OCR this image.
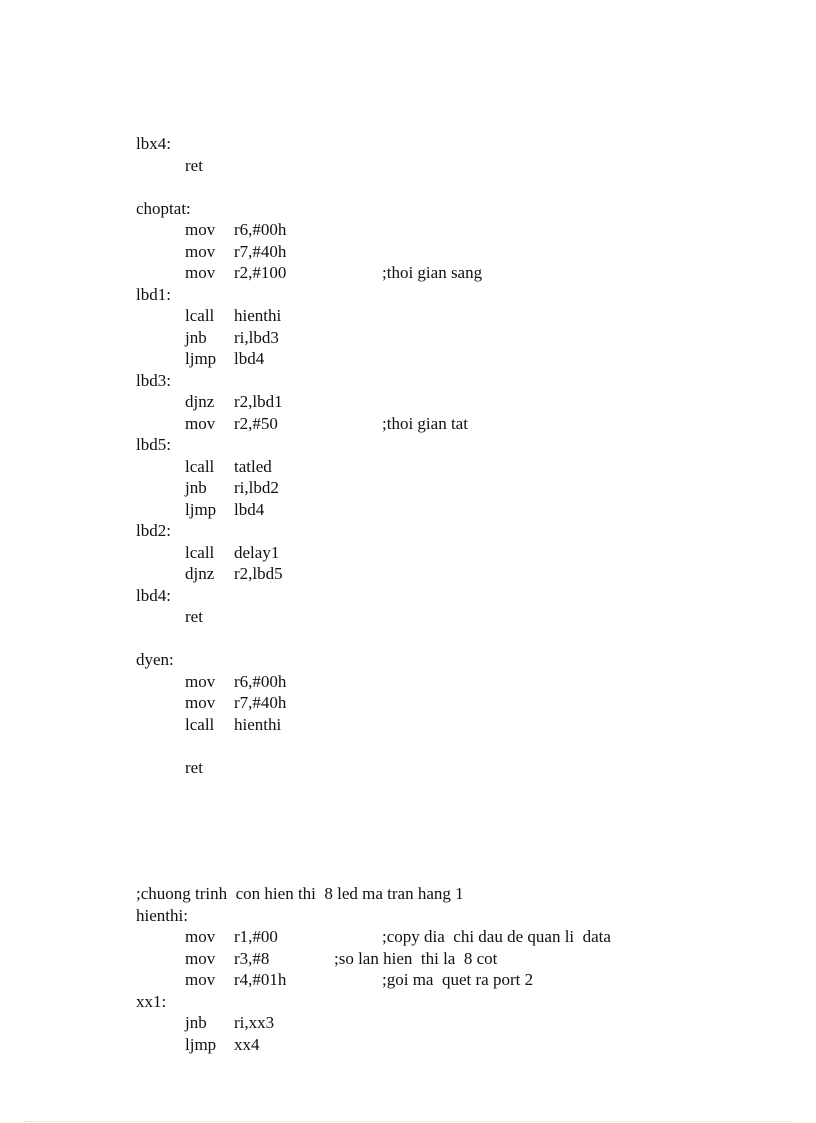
lbx4:
ret
choptat:
mov r6,#00h
mov r7,#40h
mov r2,#100	;thoi gian sang
lbd1:
lcall hienthi
jnb ri,lbd3
ljmp lbd4
lbd3:
djnz r2,lbd1
mov r2,#50	;thoi gian tat
lbd5:
lcall tatled
jnb ri,lbd2
ljmp lbd4
lbd2:
lcall delay1
djnz r2,lbd5
lbd4:
ret
dyen:
mov r6,#00h
mov r7,#40h
lcall hienthi
ret
;chuong trinh  con hien thi  8 led ma tran hang 1
hienthi:
mov r1,#00	;copy dia  chi dau de quan li  data
mov r3,#8	;so lan hien  thi la  8 cot
mov r4,#01h	;goi ma  quet ra port 2
xx1:
jnb ri,xx3
ljmp xx4
